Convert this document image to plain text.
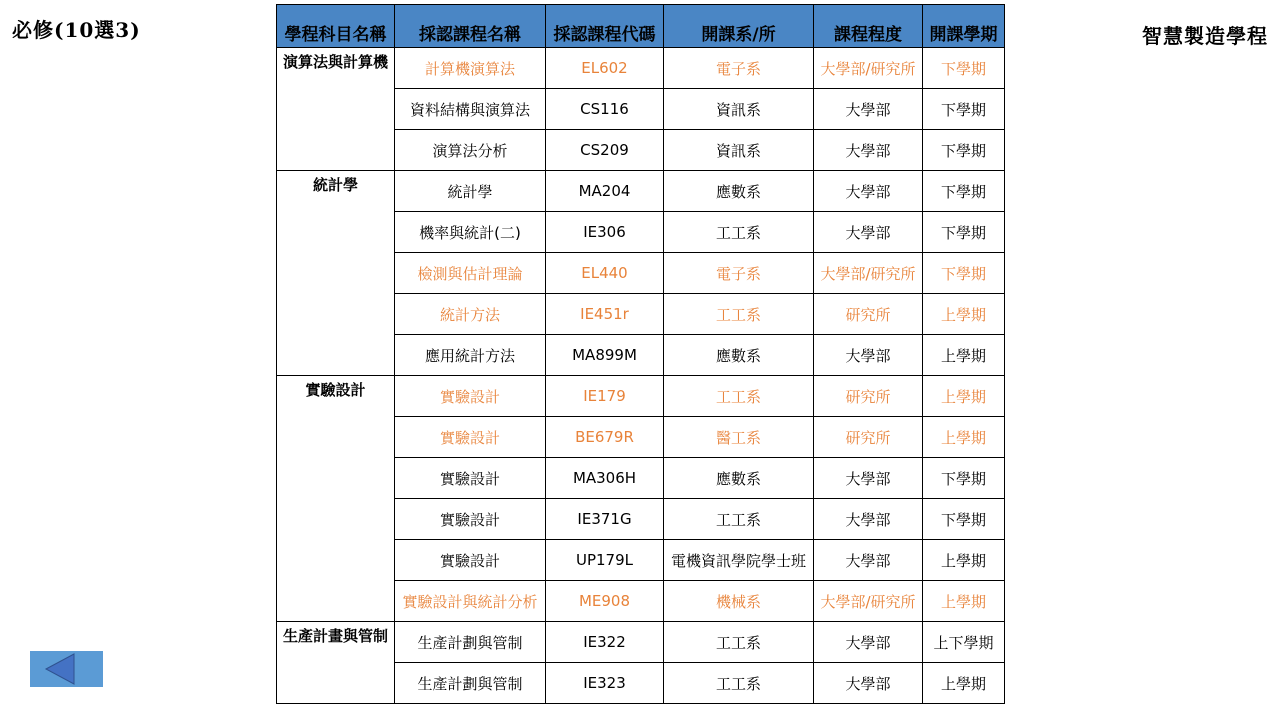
必修(10選3)	智慧製造學程
學程科目名稱	採認課程名稱	採認課程代碼	開課系/所	課程程度	開課學期
演算法與計算機	計算機演算法	EL602	電子系	大學部/研究所	下學期
	資料結構與演算法	CS116	資訊系	大學部	下學期
	演算法分析	CS209	資訊系	大學部	下學期
統計學	統計學	MA204	應數系	大學部	下學期
	機率與統計(二)	IE306	工工系	大學部	下學期
	檢測與估計理論	EL440	電子系	大學部/研究所	下學期
	統計方法	IE451r	工工系	研究所	上學期
	應用統計方法	MA899M	應數系	大學部	上學期
實驗設計	實驗設計	IE179	工工系	研究所	上學期
	實驗設計	BE679R	醫工系	研究所	上學期
	實驗設計	MA306H	應數系	大學部	下學期
	實驗設計	IE371G	工工系	大學部	下學期
	實驗設計	UP179L	電機資訊學院學士班	大學部	上學期
	實驗設計與統計分析	ME908	機械系	大學部/研究所	上學期
生產計畫與管制	生產計劃與管制	IE322	工工系	大學部	上下學期
	生產計劃與管制	IE323	工工系	大學部	上學期
